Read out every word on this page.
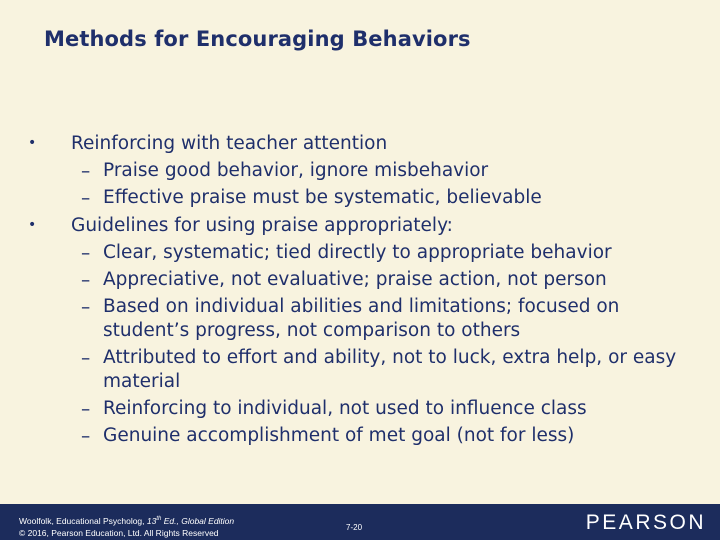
Methods for Encouraging Behaviors
•	Reinforcing with teacher attention
– Praise good behavior, ignore misbehavior
– Effective praise must be systematic, believable
•	Guidelines for using praise appropriately:
– Clear, systematic; tied directly to appropriate behavior
– Appreciative, not evaluative; praise action, not person
– Based on individual abilities and limitations; focused on student’s progress, not comparison to others
– Attributed to effort and ability, not to luck, extra help, or easy material
– Reinforcing to individual, not used to influence class
– Genuine accomplishment of met goal (not for less)
Woolfolk, Educational Psycholog, 13th Ed., Global Edition
© 2016, Pearson Education, Ltd. All Rights Reserved
7-20	PEARSON
